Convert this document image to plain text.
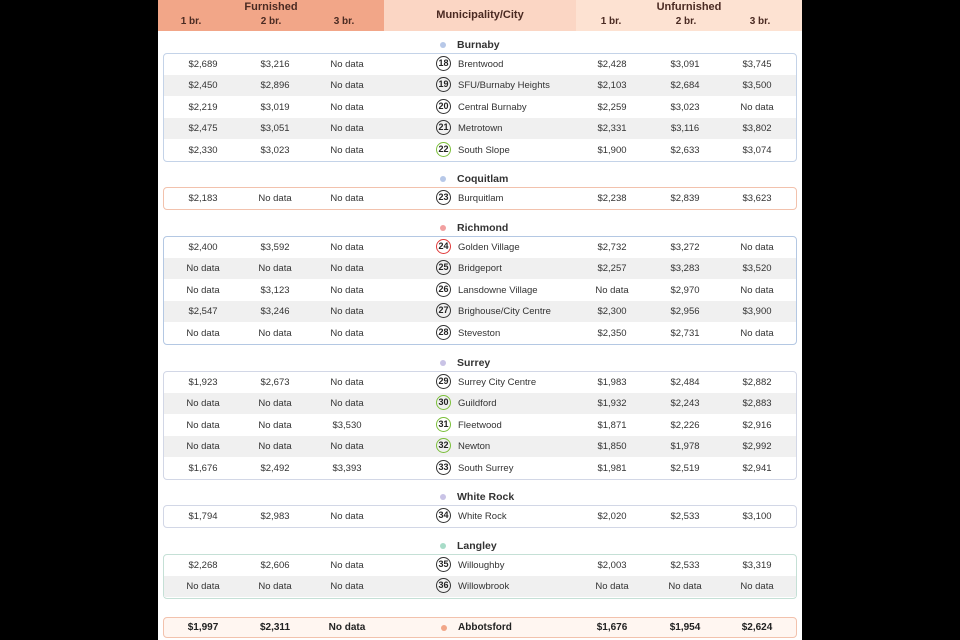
Furnished
1 br.	2 br.	3 br.
Municipality/City
Unfurnished
1 br.	2 br.	3 br.
Burnaby
$2,689	$3,216	No data	18 Brentwood	$2,428	$3,091	$3,745
$2,450	$2,896	No data	19 SFU/Burnaby Heights	$2,103	$2,684	$3,500
$2,219	$3,019	No data	20 Central Burnaby	$2,259	$3,023	No data
$2,475	$3,051	No data	21 Metrotown	$2,331	$3,116	$3,802
$2,330	$3,023	No data	22 South Slope	$1,900	$2,633	$3,074
Coquitlam
$2,183	No data	No data	23 Burquitlam	$2,238	$2,839	$3,623
Richmond
$2,400	$3,592	No data	24 Golden Village	$2,732	$3,272	No data
No data	No data	No data	25 Bridgeport	$2,257	$3,283	$3,520
No data	$3,123	No data	26 Lansdowne Village	No data	$2,970	No data
$2,547	$3,246	No data	27 Brighouse/City Centre	$2,300	$2,956	$3,900
No data	No data	No data	28 Steveston	$2,350	$2,731	No data
Surrey
$1,923	$2,673	No data	29 Surrey City Centre	$1,983	$2,484	$2,882
No data	No data	No data	30 Guildford	$1,932	$2,243	$2,883
No data	No data	$3,530	31 Fleetwood	$1,871	$2,226	$2,916
No data	No data	No data	32 Newton	$1,850	$1,978	$2,992
$1,676	$2,492	$3,393	33 South Surrey	$1,981	$2,519	$2,941
White Rock
$1,794	$2,983	No data	34 White Rock	$2,020	$2,533	$3,100
Langley
$2,268	$2,606	No data	35 Willoughby	$2,003	$2,533	$3,319
No data	No data	No data	36 Willowbrook	No data	No data	No data
$1,997	$2,311	No data	Abbotsford	$1,676	$1,954	$2,624
